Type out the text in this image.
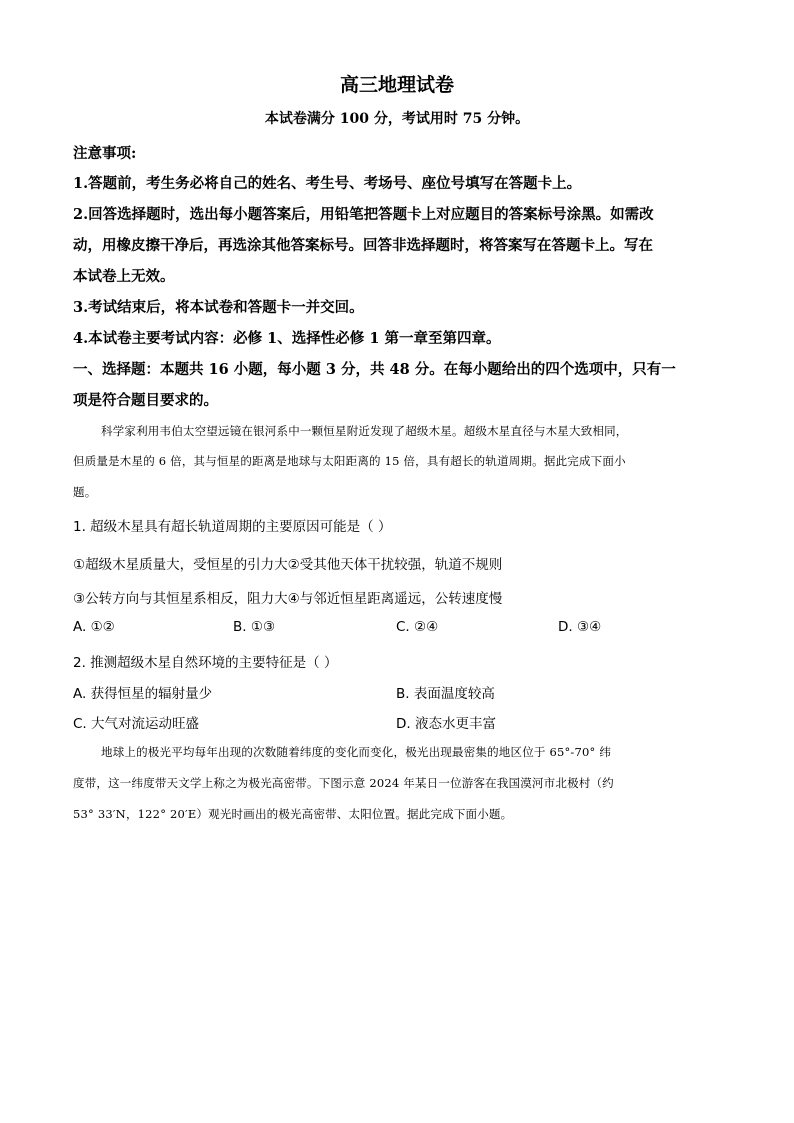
高三地理试卷
本试卷满分 100 分，考试用时 75 分钟。
注意事项:
1.答题前，考生务必将自己的姓名、考生号、考场号、座位号填写在答题卡上。
2.回答选择题时，选出每小题答案后，用铅笔把答题卡上对应题目的答案标号涂黑。如需改
动，用橡皮擦干净后，再选涂其他答案标号。回答非选择题时，将答案写在答题卡上。写在
本试卷上无效。
3.考试结束后，将本试卷和答题卡一并交回。
4.本试卷主要考试内容：必修 1、选择性必修 1 第一章至第四章。
一、选择题：本题共 16 小题，每小题 3 分，共 48 分。在每小题给出的四个选项中，只有一
项是符合题目要求的。
科学家利用韦伯太空望远镜在银河系中一颗恒星附近发现了超级木星。超级木星直径与木星大致相同，
但质量是木星的 6 倍，其与恒星的距离是地球与太阳距离的 15 倍，具有超长的轨道周期。据此完成下面小
题。
1. 超级木星具有超长轨道周期的主要原因可能是（ ）
①超级木星质量大，受恒星的引力大②受其他天体干扰较强，轨道不规则
③公转方向与其恒星系相反，阻力大④与邻近恒星距离遥远，公转速度慢
A. ①②	B. ①③	C. ②④	D. ③④
2. 推测超级木星自然环境的主要特征是（ ）
A. 获得恒星的辐射量少	B. 表面温度较高
C. 大气对流运动旺盛	D. 液态水更丰富
地球上的极光平均每年出现的次数随着纬度的变化而变化，极光出现最密集的地区位于 65°-70° 纬
度带，这一纬度带天文学上称之为极光高密带。下图示意 2024 年某日一位游客在我国漠河市北极村（约
53° 33′N，122° 20′E）观光时画出的极光高密带、太阳位置。据此完成下面小题。
